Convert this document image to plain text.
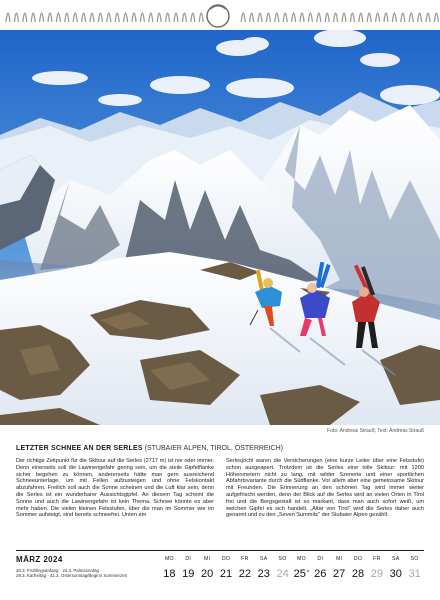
Foto: Andreas Strauß; Text: Andreas Strauß
LETZTER SCHNEE AN DER SERLES (STUBAIER ALPEN, TIROL, ÖSTERREICH)

Der richtige Zeitpunkt für die Skitour auf die Serles (2717 m) ist nie oder immer. Denn einerseits soll die Lawinengefahr gering sein, um die steile Gipfelflanke sicher begehen zu können, andererseits hätte man gern ausreichend Schneeunterlage, um mit Fellen aufzusteigen und ohne Felskontakt abzufahren. Freilich soll auch die Sonne scheinen und die Luft klar sein, denn die Serles ist ein wunderbarer Aussichtsgipfel. An diesem Tag scheint die Sonne und auch die Lawinengefahr ist kein Thema. Schnee könnte es aber mehr haben. Die vielen kleinen Felsstufen, über die man im Sommer wie im Sommer aufsteigt, sind bereits schneefrei. Unten am

Serlesjöchl waren die Versicherungen (eine kurze Leiter über eine Felsstufe) schon ausgeapert. Trotzdem ist die Serles eine tolle Skitour: mit 1200 Höhenmetern nicht zu lang, mit wilder Szenerie und einer sportlichen Abfahrtsvariante durch die Südflanke. Vor allem aber eine gemeinsame Skitour mit Freunden. Die Erinnerung an den schönen Tag wird immer weiter aufgefrischt werden, denn der Blick auf die Serles wird an vielen Orten in Tirol frei und die Bergsgestalt ist so markant, dass man auch sofort weiß, um welchen Gipfel es sich handelt. „Altar von Tirol" wird die Serles daher auch genannt und zu den „Seven Summits" der Stubaier Alpen gezählt.

MÄRZ 2024
20.3. Frühlingsanfang · 24.3. Palmsonntag ·
29.3. Karfreitag · 31.3. Ostersonntag/Beginn Sommerzeit
MO
18
DI
19
MI
20
DO
21
FR
22
SA
23
SO
24
MO
25●
DI
26
MI
27
DO
28
FR
29
SA
30
SO
31
